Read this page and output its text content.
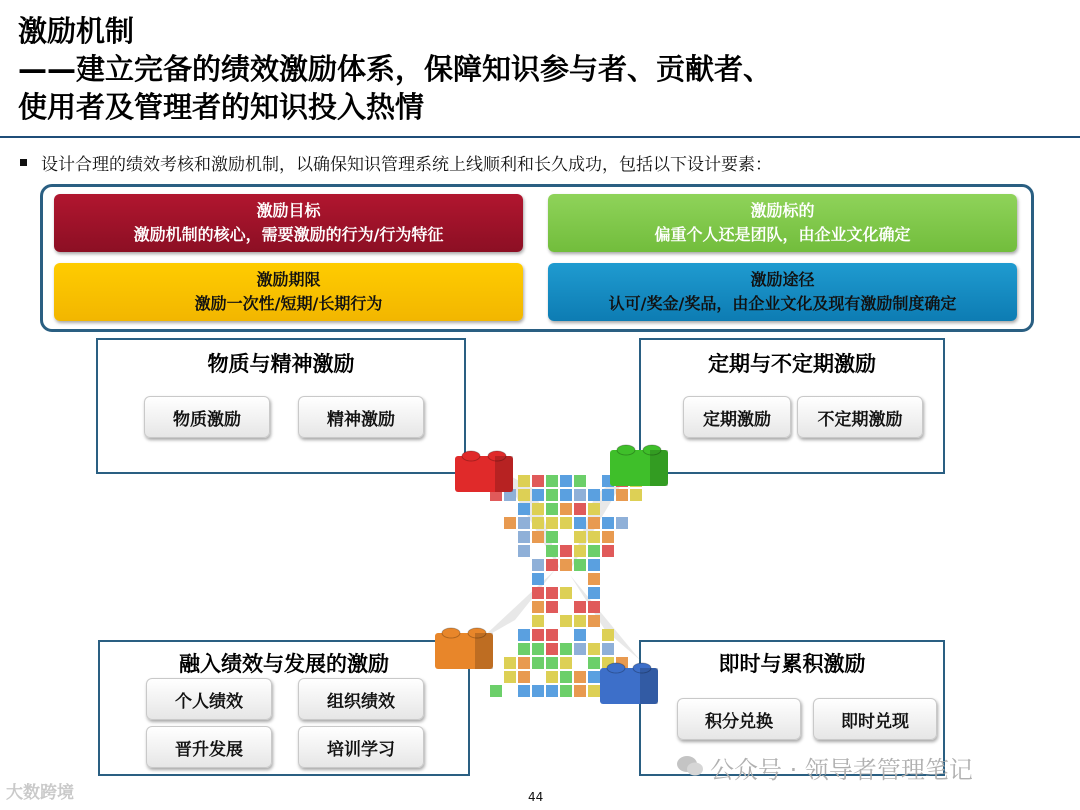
激励机制
——建立完备的绩效激励体系，保障知识参与者、贡献者、
使用者及管理者的知识投入热情
设计合理的绩效考核和激励机制，以确保知识管理系统上线顺利和长久成功，包括以下设计要素：
激励目标
激励机制的核心，需要激励的行为/行为特征
激励标的
偏重个人还是团队，由企业文化确定
激励期限
激励一次性/短期/长期行为
激励途径
认可/奖金/奖品，由企业文化及现有激励制度确定
物质与精神激励
物质激励	精神激励
定期与不定期激励
定期激励	不定期激励
融入绩效与发展的激励
个人绩效	组织绩效
晋升发展	培训学习
即时与累积激励
积分兑换	即时兑现
44
公众号 · 领导者管理笔记
大数跨境
